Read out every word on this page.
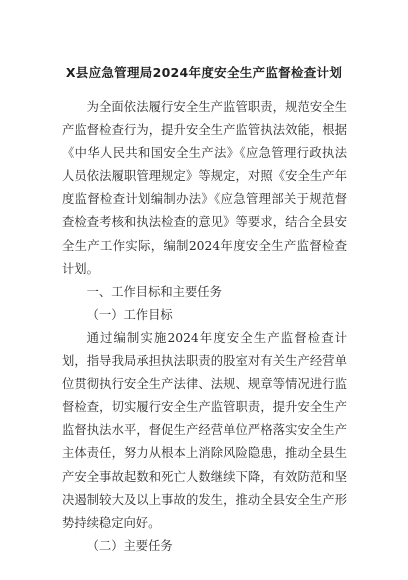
X县应急管理局2024年度安全生产监督检查计划

为全面依法履行安全生产监管职责，规范安全生产监督检查行为，提升安全生产监管执法效能，根据《中华人民共和国安全生产法》《应急管理行政执法人员依法履职管理规定》等规定，对照《安全生产年度监督检查计划编制办法》《应急管理部关于规范督查检查考核和执法检查的意见》等要求，结合全县安全生产工作实际，编制2024年度安全生产监督检查计划。

一、工作目标和主要任务

（一）工作目标

通过编制实施2024年度安全生产监督检查计划，指导我局承担执法职责的股室对有关生产经营单位贯彻执行安全生产法律、法规、规章等情况进行监督检查，切实履行安全生产监管职责，提升安全生产监督执法水平，督促生产经营单位严格落实安全生产主体责任，努力从根本上消除风险隐患，推动全县生产安全事故起数和死亡人数继续下降，有效防范和坚决遏制较大及以上事故的发生，推动全县安全生产形势持续稳定向好。

（二）主要任务
